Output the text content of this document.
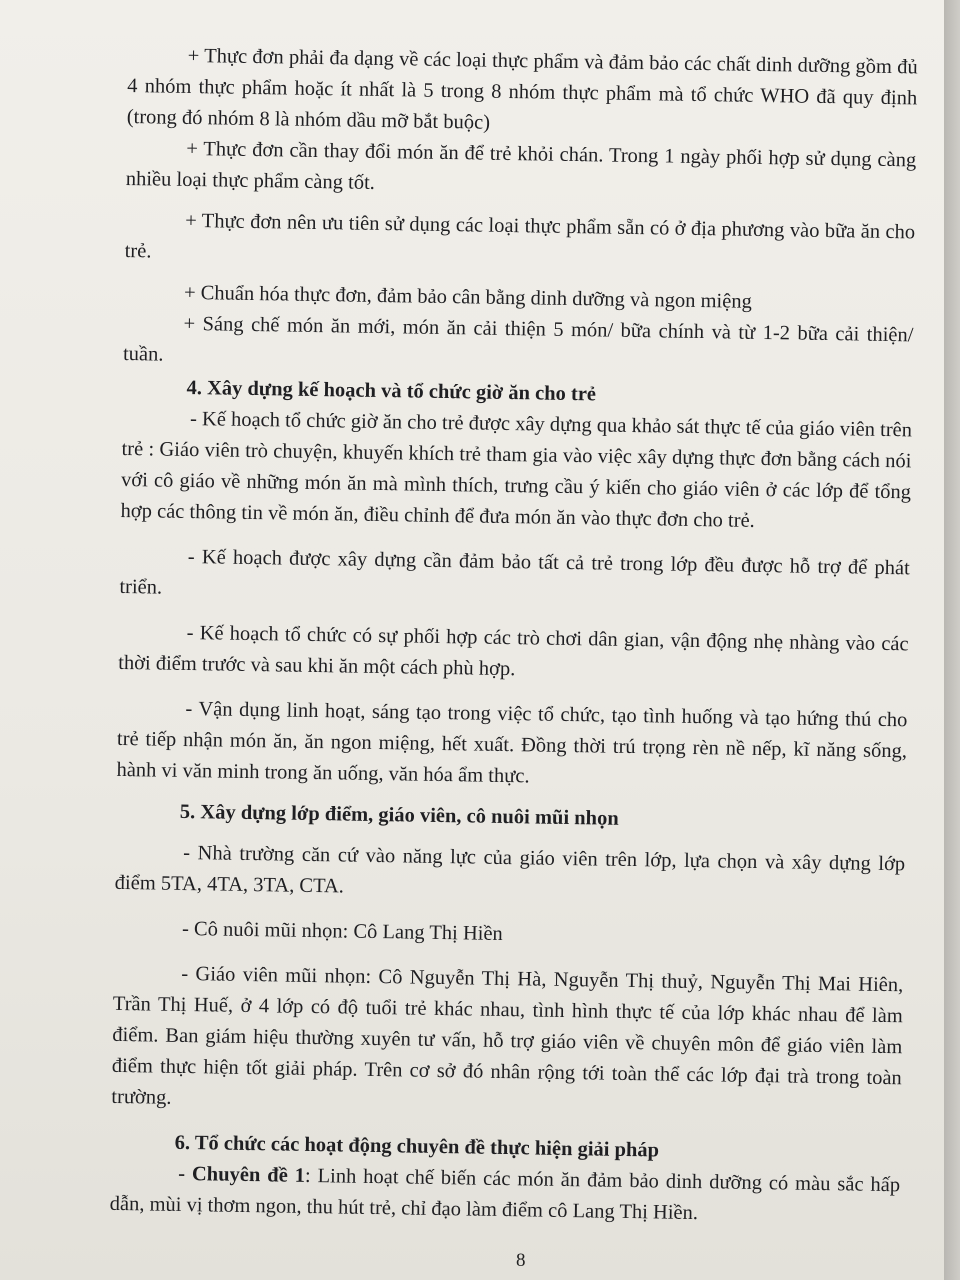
+ Thực đơn phải đa dạng về các loại thực phẩm và đảm bảo các chất dinh dưỡng gồm đủ 4 nhóm thực phẩm hoặc ít nhất là 5 trong 8 nhóm thực phẩm mà tổ chức WHO đã quy định (trong đó nhóm 8 là nhóm dầu mỡ bắt buộc)

+ Thực đơn cần thay đổi món ăn để trẻ khỏi chán. Trong 1 ngày phối hợp sử dụng càng nhiều loại thực phẩm càng tốt.

+ Thực đơn nên ưu tiên sử dụng các loại thực phẩm sẵn có ở địa phương vào bữa ăn cho trẻ.

+ Chuẩn hóa thực đơn, đảm bảo cân bằng dinh dưỡng và ngon miệng

+ Sáng chế món ăn mới, món ăn cải thiện 5 món/ bữa chính và từ 1-2 bữa cải thiện/ tuần.

4. Xây dựng kế hoạch và tổ chức giờ ăn cho trẻ

- Kế hoạch tổ chức giờ ăn cho trẻ được xây dựng qua khảo sát thực tế của giáo viên trên trẻ : Giáo viên trò chuyện, khuyến khích trẻ tham gia vào việc xây dựng thực đơn bằng cách nói với cô giáo về những món ăn mà mình thích, trưng cầu ý kiến cho giáo viên ở các lớp để tổng hợp các thông tin về món ăn, điều chỉnh để đưa món ăn vào thực đơn cho trẻ.

- Kế hoạch được xây dựng cần đảm bảo tất cả trẻ trong lớp đều được hỗ trợ để phát triển.

- Kế hoạch tổ chức có sự phối hợp các trò chơi dân gian, vận động nhẹ nhàng vào các thời điểm trước và sau khi ăn một cách phù hợp.

- Vận dụng linh hoạt, sáng tạo trong việc tổ chức, tạo tình huống và tạo hứng thú cho trẻ tiếp nhận món ăn, ăn ngon miệng, hết xuất. Đồng thời trú trọng rèn nề nếp, kĩ năng sống, hành vi văn minh trong ăn uống, văn hóa ẩm thực.

5. Xây dựng lớp điểm, giáo viên, cô nuôi mũi nhọn

- Nhà trường căn cứ vào năng lực của giáo viên trên lớp, lựa chọn và xây dựng lớp điểm 5TA, 4TA, 3TA, CTA.

- Cô nuôi mũi nhọn: Cô Lang Thị Hiền

- Giáo viên mũi nhọn: Cô Nguyễn Thị Hà, Nguyễn Thị thuỷ, Nguyễn Thị Mai Hiên, Trần Thị Huế, ở 4 lớp có độ tuổi trẻ khác nhau, tình hình thực tế của lớp khác nhau để làm điểm. Ban giám hiệu thường xuyên tư vấn, hỗ trợ giáo viên về chuyên môn để giáo viên làm điểm thực hiện tốt giải pháp. Trên cơ sở đó nhân rộng tới toàn thể các lớp đại trà trong toàn trường.

6. Tổ chức các hoạt động chuyên đề thực hiện giải pháp

- Chuyên đề 1: Linh hoạt chế biến các món ăn đảm bảo dinh dưỡng có màu sắc hấp dẫn, mùi vị thơm ngon, thu hút trẻ, chỉ đạo làm điểm cô Lang Thị Hiền.

8
